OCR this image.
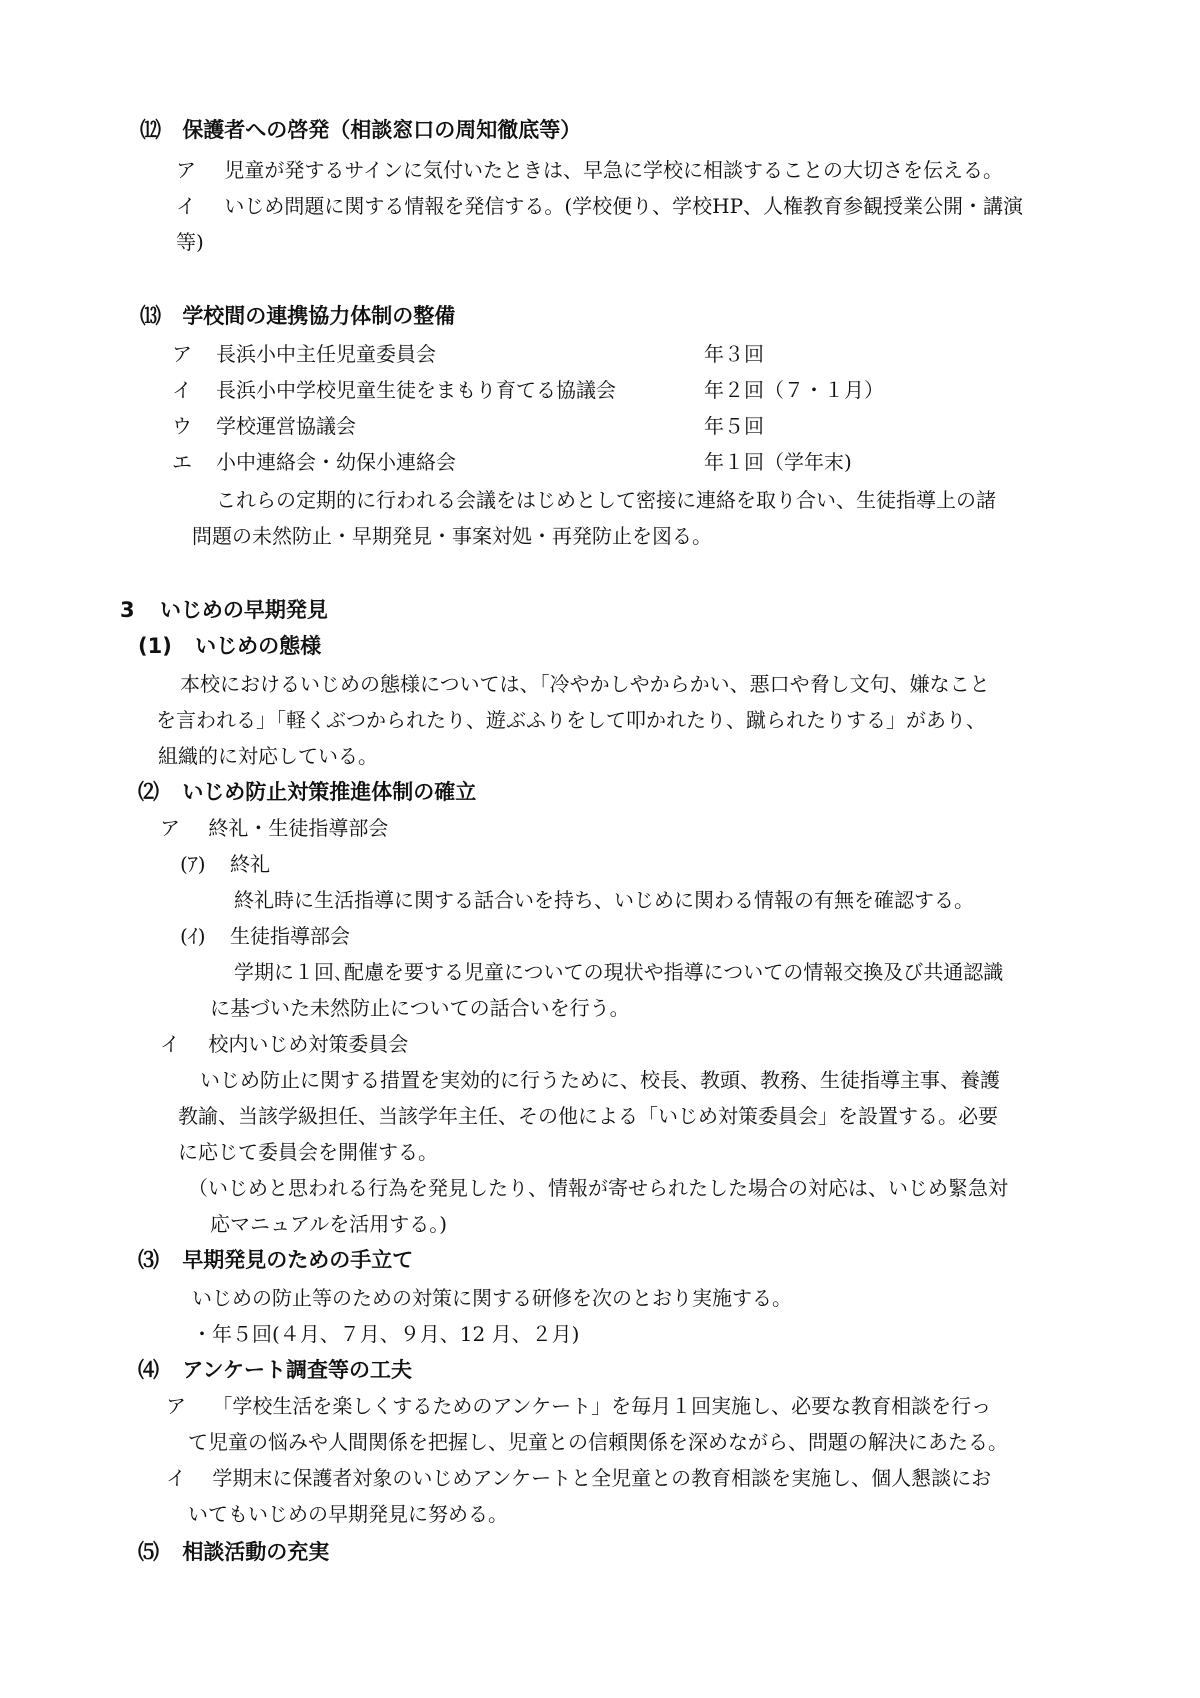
⑿ 保護者への啓発（相談窓口の周知徹底等）
ア 児童が発するサインに気付いたときは、早急に学校に相談することの大切さを伝える。
イ いじめ問題に関する情報を発信する。(学校便り、学校HP、人権教育参観授業公開・講演
等)
⒀ 学校間の連携協力体制の整備
ア 長浜小中主任児童委員会	年３回
イ 長浜小中学校児童生徒をまもり育てる協議会	年２回（７・１月）
ウ 学校運営協議会	年５回
エ 小中連絡会・幼保小連絡会	年１回（学年末)
これらの定期的に行われる会議をはじめとして密接に連絡を取り合い、生徒指導上の諸
問題の未然防止・早期発見・事案対処・再発防止を図る。
3 いじめの早期発見
(1) いじめの態様
本校におけるいじめの態様については、「冷やかしやからかい、悪口や脅し文句、嫌なこと
を言われる」「軽くぶつかられたり、遊ぶふりをして叩かれたり、蹴られたりする」があり、
組織的に対応している。
⑵ いじめ防止対策推進体制の確立
ア 終礼・生徒指導部会
(ｱ) 終礼
終礼時に生活指導に関する話合いを持ち、いじめに関わる情報の有無を確認する。
(ｲ) 生徒指導部会
学期に１回､配慮を要する児童についての現状や指導についての情報交換及び共通認識
に基づいた未然防止についての話合いを行う。
イ 校内いじめ対策委員会
いじめ防止に関する措置を実効的に行うために、校長、教頭、教務、生徒指導主事、養護
教諭、当該学級担任、当該学年主任、その他による「いじめ対策委員会」を設置する。必要
に応じて委員会を開催する。
（いじめと思われる行為を発見したり、情報が寄せられたした場合の対応は、いじめ緊急対
応マニュアルを活用する。)
⑶ 早期発見のための手立て
いじめの防止等のための対策に関する研修を次のとおり実施する。
・年５回(４月、７月、９月、12 月、２月)
⑷ アンケート調査等の工夫
ア 「学校生活を楽しくするためのアンケート」を毎月１回実施し、必要な教育相談を行っ
て児童の悩みや人間関係を把握し、児童との信頼関係を深めながら、問題の解決にあたる。
イ 学期末に保護者対象のいじめアンケートと全児童との教育相談を実施し、個人懇談にお
いてもいじめの早期発見に努める。
⑸ 相談活動の充実
